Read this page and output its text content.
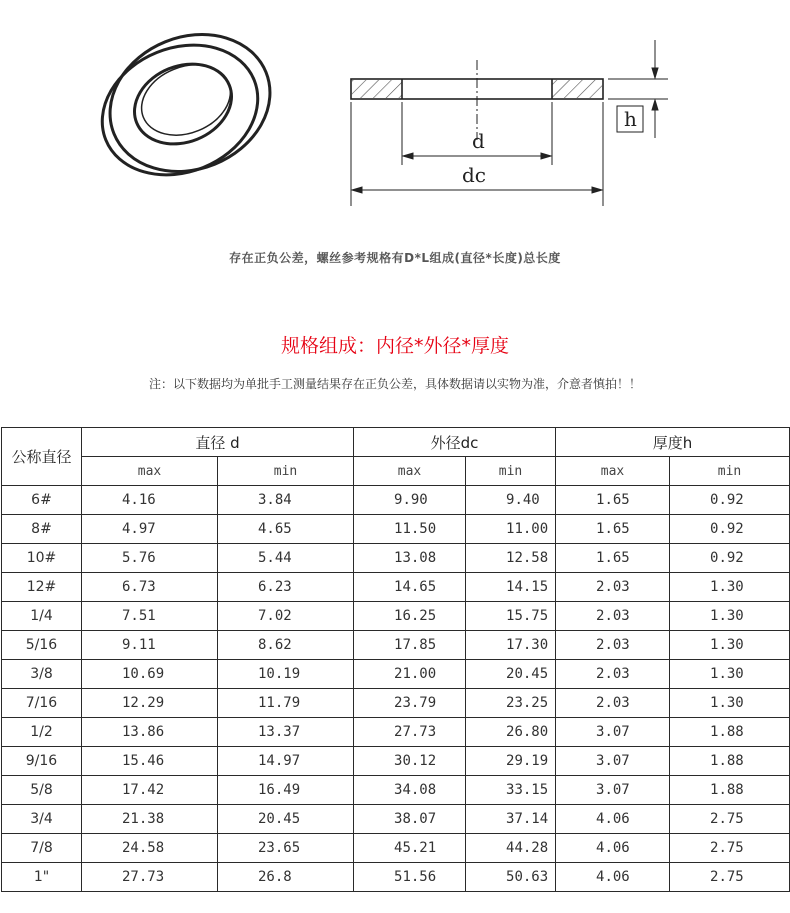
d
dc
h
存在正负公差，螺丝参考规格有D*L组成(直径*长度)总长度
规格组成：内径*外径*厚度
注：以下数据均为单批手工测量结果存在正负公差，具体数据请以实物为准，介意者慎拍！！
公称直径	直径 d		外径dc		厚度h	
	max	min	max	min	max	min
6#	4.16	3.84	9.90	9.40	1.65	0.92
8#	4.97	4.65	11.50	11.00	1.65	0.92
10#	5.76	5.44	13.08	12.58	1.65	0.92
12#	6.73	6.23	14.65	14.15	2.03	1.30
1/4	7.51	7.02	16.25	15.75	2.03	1.30
5/16	9.11	8.62	17.85	17.30	2.03	1.30
3/8	10.69	10.19	21.00	20.45	2.03	1.30
7/16	12.29	11.79	23.79	23.25	2.03	1.30
1/2	13.86	13.37	27.73	26.80	3.07	1.88
9/16	15.46	14.97	30.12	29.19	3.07	1.88
5/8	17.42	16.49	34.08	33.15	3.07	1.88
3/4	21.38	20.45	38.07	37.14	4.06	2.75
7/8	24.58	23.65	45.21	44.28	4.06	2.75
1"	27.73	26.8	51.56	50.63	4.06	2.75
